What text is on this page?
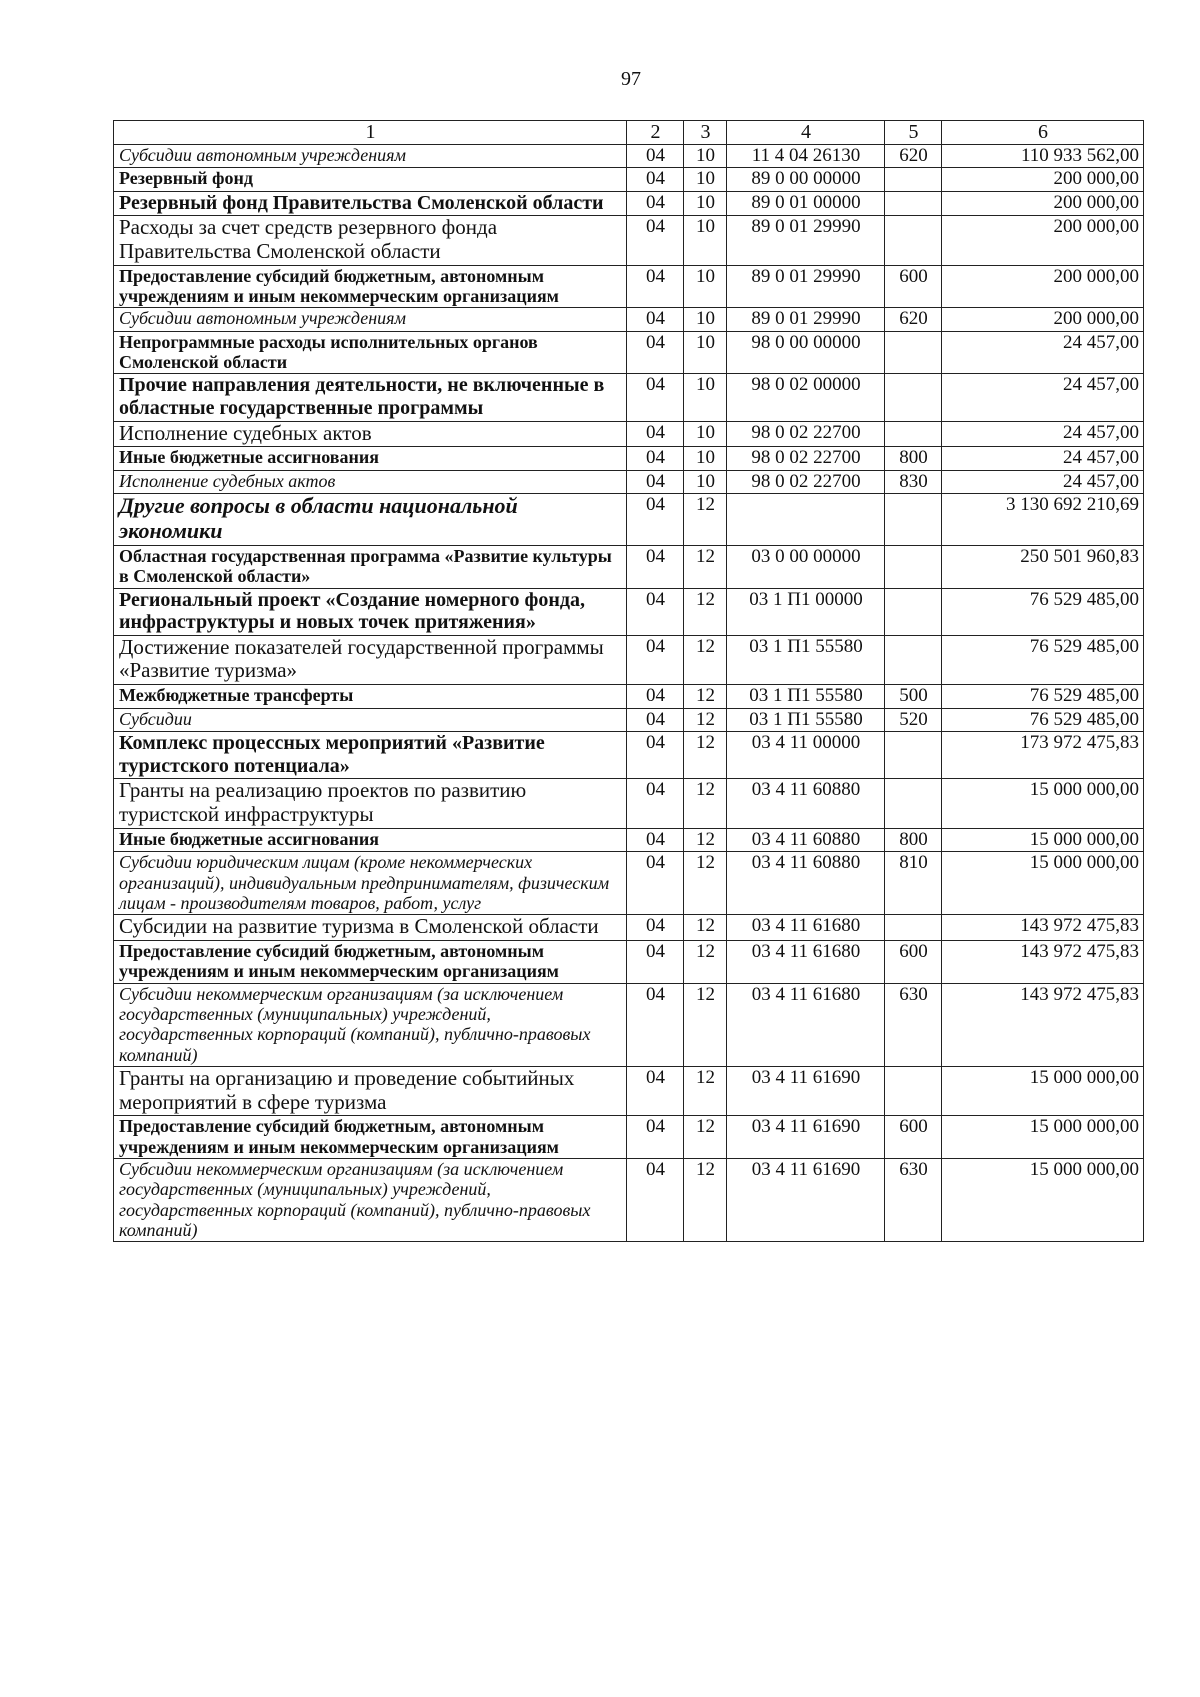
97
1	2	3	4	5	6
Субсидии автономным учреждениям	04	10	11 4 04 26130	620	110 933 562,00
Резервный фонд	04	10	89 0 00 00000		200 000,00
Резервный фонд Правительства Смоленской области	04	10	89 0 01 00000		200 000,00
Расходы за счет средств резервного фонда Правительства Смоленской области	04	10	89 0 01 29990		200 000,00
Предоставление субсидий бюджетным, автономным учреждениям и иным некоммерческим организациям	04	10	89 0 01 29990	600	200 000,00
Субсидии автономным учреждениям	04	10	89 0 01 29990	620	200 000,00
Непрограммные расходы исполнительных органов Смоленской области	04	10	98 0 00 00000		24 457,00
Прочие направления деятельности, не включенные в областные государственные программы	04	10	98 0 02 00000		24 457,00
Исполнение судебных актов	04	10	98 0 02 22700		24 457,00
Иные бюджетные ассигнования	04	10	98 0 02 22700	800	24 457,00
Исполнение судебных актов	04	10	98 0 02 22700	830	24 457,00
Другие вопросы в области национальной экономики	04	12			3 130 692 210,69
Областная государственная программа «Развитие культуры в Смоленской области»	04	12	03 0 00 00000		250 501 960,83
Региональный проект «Создание номерного фонда, инфраструктуры и новых точек притяжения»	04	12	03 1 П1 00000		76 529 485,00
Достижение показателей государственной программы «Развитие туризма»	04	12	03 1 П1 55580		76 529 485,00
Межбюджетные трансферты	04	12	03 1 П1 55580	500	76 529 485,00
Субсидии	04	12	03 1 П1 55580	520	76 529 485,00
Комплекс процессных мероприятий «Развитие туристского потенциала»	04	12	03 4 11 00000		173 972 475,83
Гранты на реализацию проектов по развитию туристской инфраструктуры	04	12	03 4 11 60880		15 000 000,00
Иные бюджетные ассигнования	04	12	03 4 11 60880	800	15 000 000,00
Субсидии юридическим лицам (кроме некоммерческих организаций), индивидуальным предпринимателям, физическим лицам - производителям товаров, работ, услуг	04	12	03 4 11 60880	810	15 000 000,00
Субсидии на развитие туризма в Смоленской области	04	12	03 4 11 61680		143 972 475,83
Предоставление субсидий бюджетным, автономным учреждениям и иным некоммерческим организациям	04	12	03 4 11 61680	600	143 972 475,83
Субсидии некоммерческим организациям (за исключением государственных (муниципальных) учреждений, государственных корпораций (компаний), публично-правовых компаний)	04	12	03 4 11 61680	630	143 972 475,83
Гранты на организацию и проведение событийных мероприятий в сфере туризма	04	12	03 4 11 61690		15 000 000,00
Предоставление субсидий бюджетным, автономным учреждениям и иным некоммерческим организациям	04	12	03 4 11 61690	600	15 000 000,00
Субсидии некоммерческим организациям (за исключением государственных (муниципальных) учреждений, государственных корпораций (компаний), публично-правовых компаний)	04	12	03 4 11 61690	630	15 000 000,00
